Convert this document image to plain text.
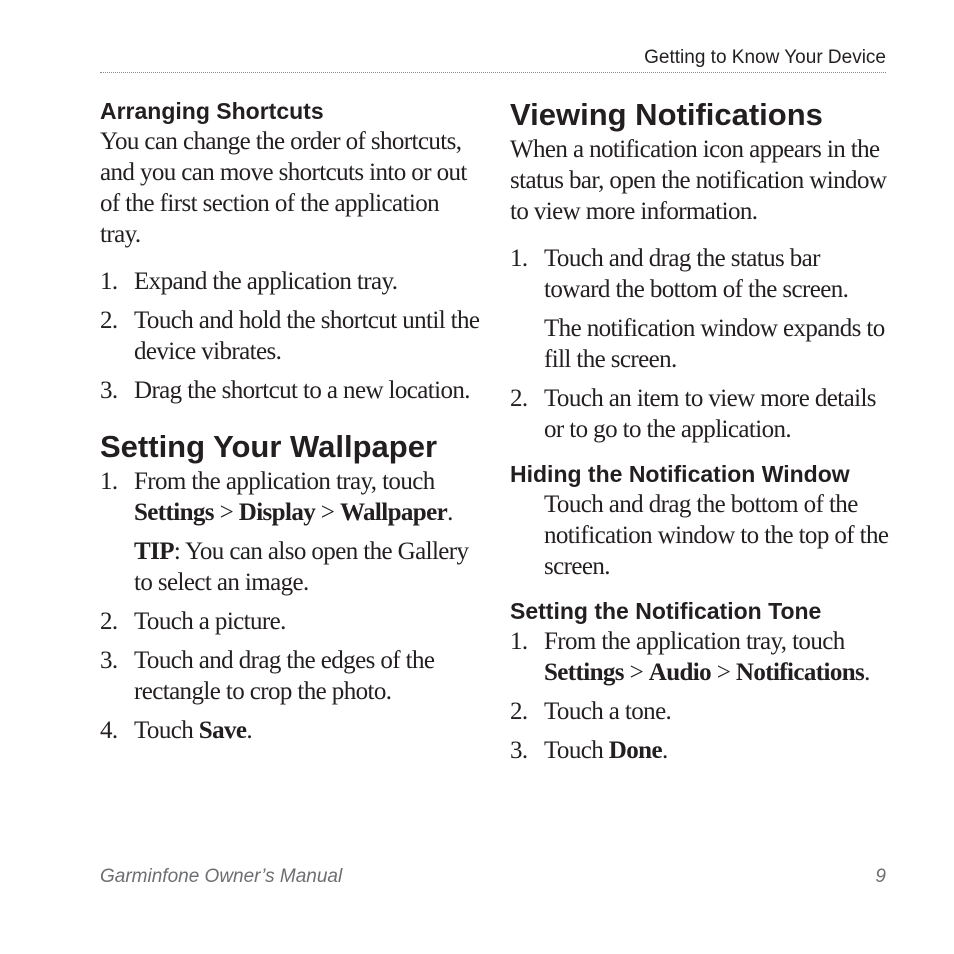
Getting to Know Your Device
Arranging Shortcuts

You can change the order of shortcuts, and you can move shortcuts into or out of the first section of the application tray.

1. Expand the application tray.
2. Touch and hold the shortcut until the device vibrates.
3. Drag the shortcut to a new location.
Setting Your Wallpaper
1. From the application tray, touch Settings > Display > Wallpaper.

TIP: You can also open the Gallery to select an image.

2. Touch a picture.
3. Touch and drag the edges of the rectangle to crop the photo.
4. Touch Save.
Viewing Notifications

When a notification icon appears in the status bar, open the notification window to view more information.

1. Touch and drag the status bar toward the bottom of the screen.

The notification window expands to fill the screen.

2. Touch an item to view more details or to go to the application.
Hiding the Notification Window

Touch and drag the bottom of the notification window to the top of the screen.

Setting the Notification Tone
1. From the application tray, touch Settings > Audio > Notifications.
2. Touch a tone.
3. Touch Done.
Garminfone Owner’s Manual	9
